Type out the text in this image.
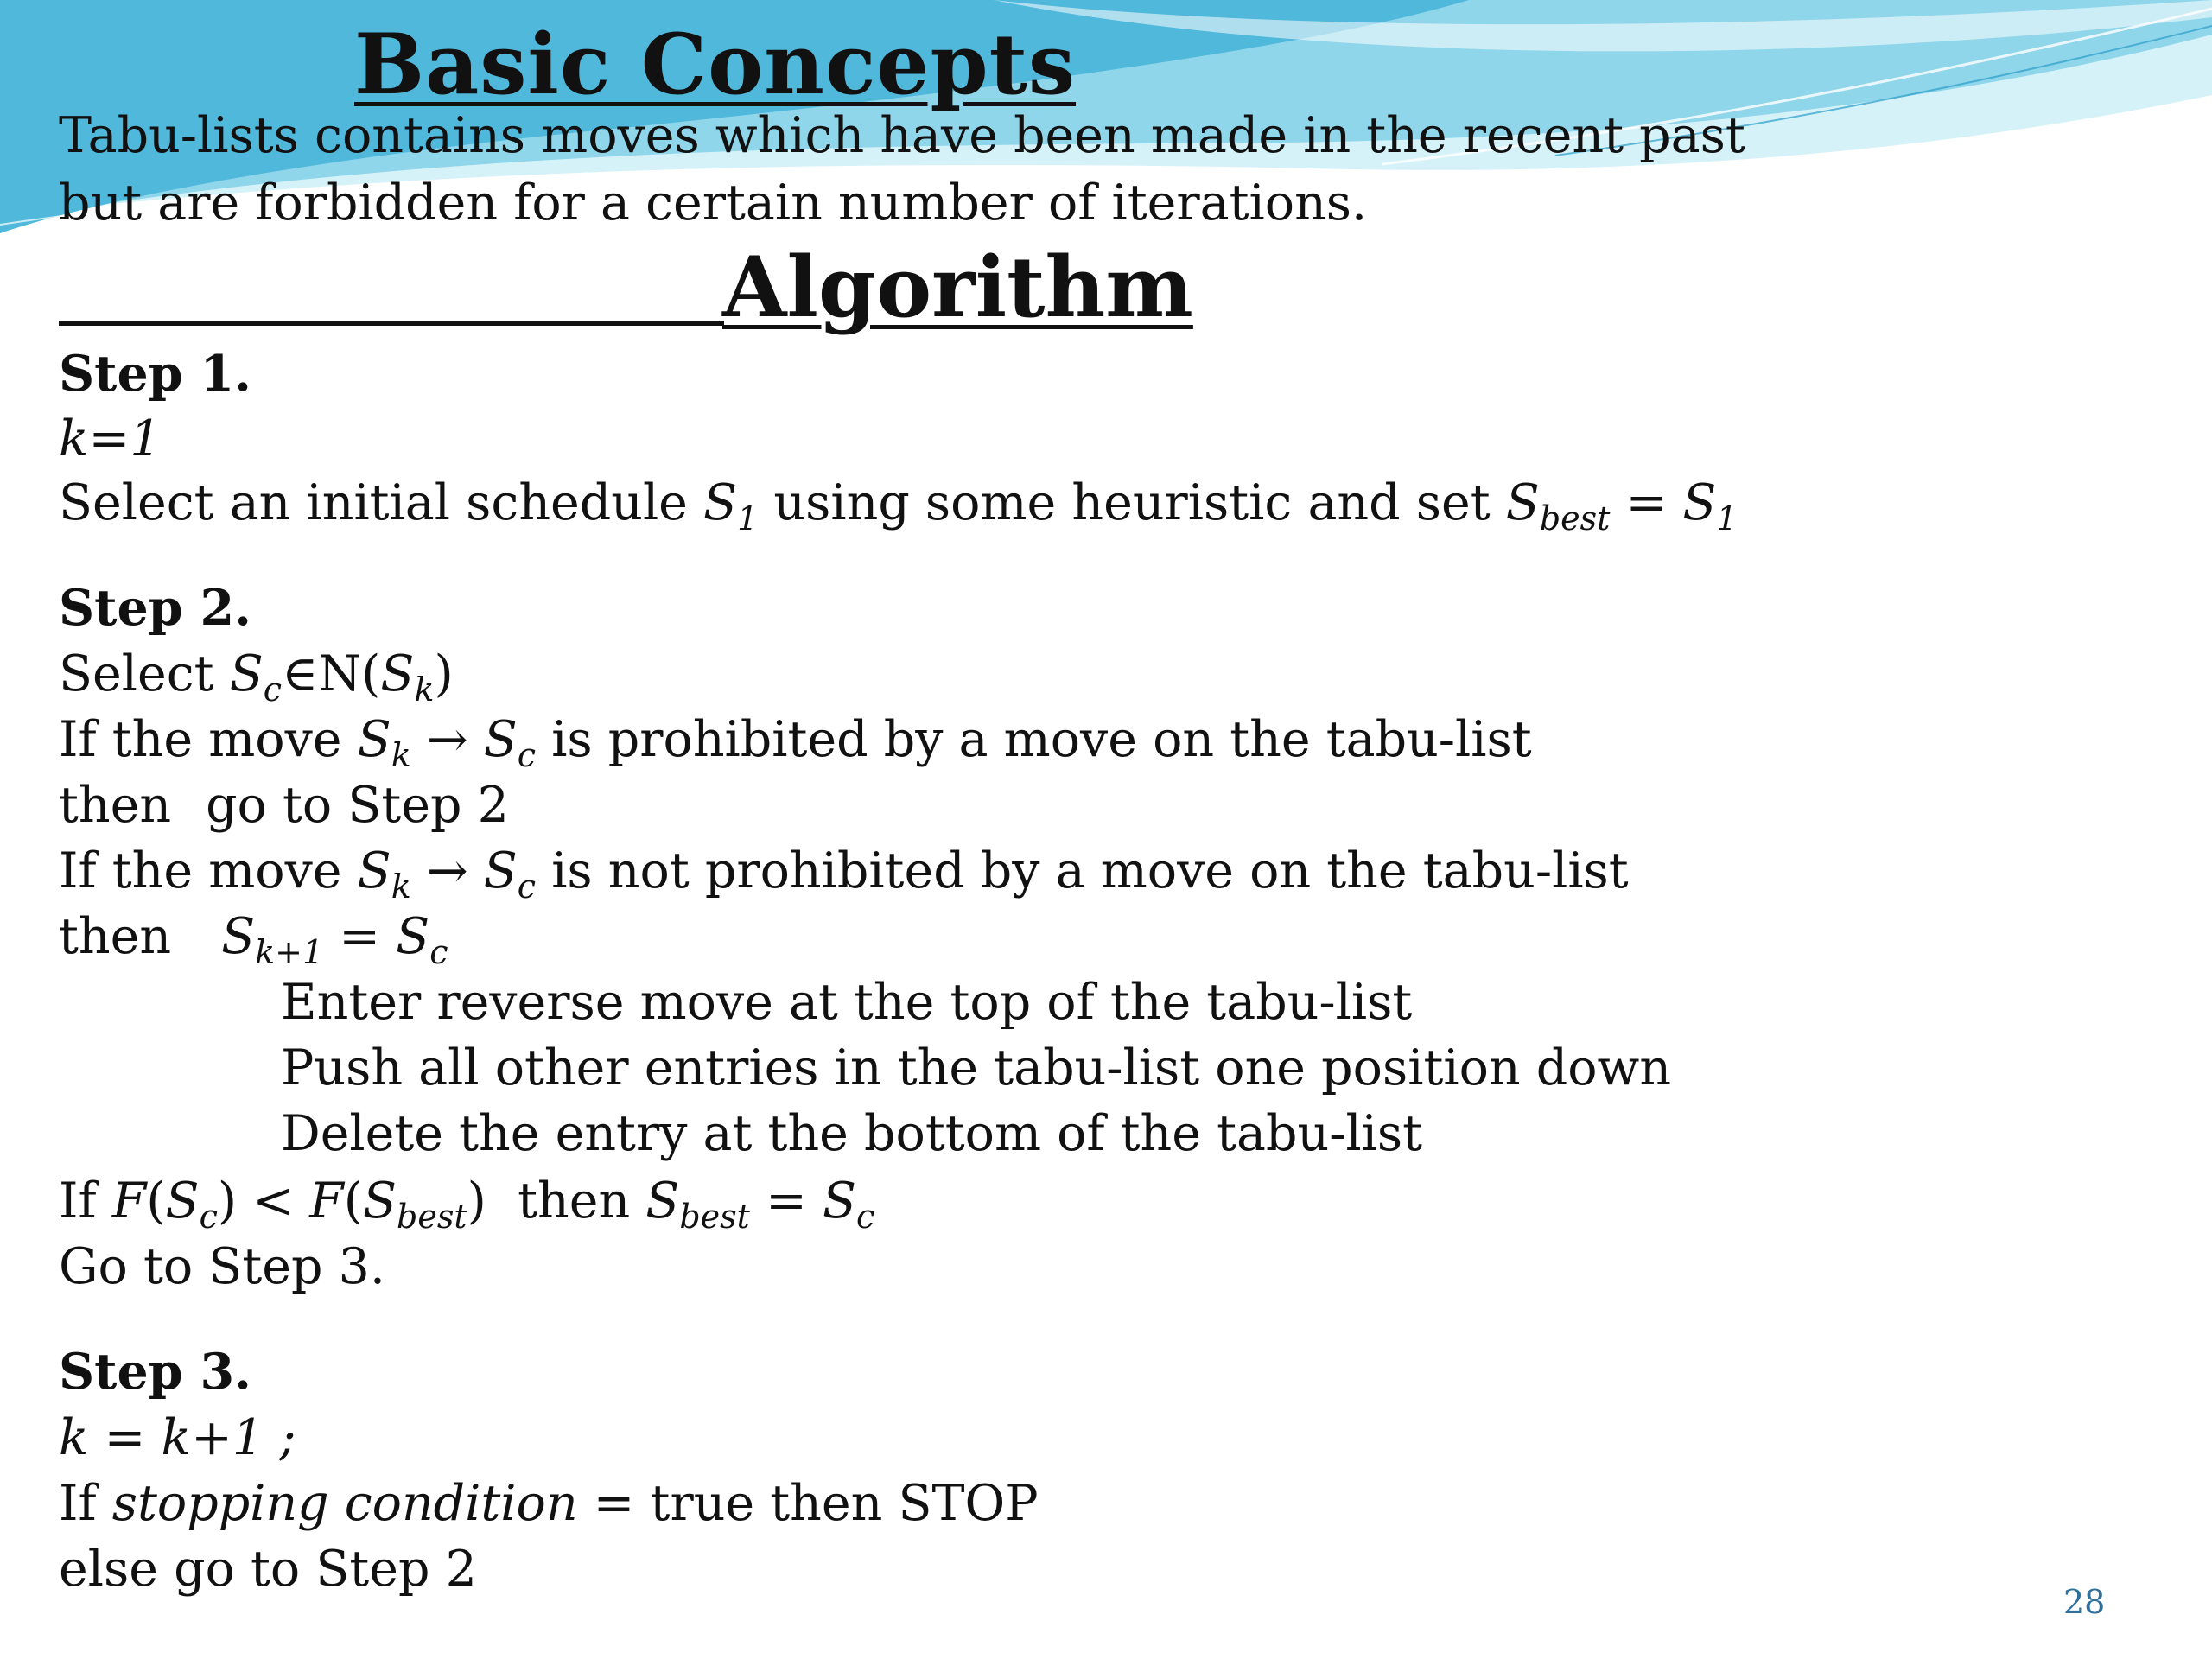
Basic Concepts
Tabu-lists contains moves which have been made in the recent past but are forbidden for a certain number of iterations.
Algorithm
Step 1.
k=1
Select an initial schedule $S_1$ using some heuristic and set $S_{best} = S_1$
Step 2.
Select $S_c\in N(S_k)$
If the move $S_k \to S_c$ is prohibited by a move on the tabu-list
then go to Step 2
If the move $S_k \to S_c$ is not prohibited by a move on the tabu-list
then $S_{k+1} = S_c$
Enter reverse move at the top of the tabu-list
Push all other entries in the tabu-list one position down
Delete the entry at the bottom of the tabu-list
If $F(S_c) < F(S_{best})$  then $S_{best} = S_c$
Go to Step 3.
Step 3.
k = k+1 ;
If stopping condition = true then STOP
else go to Step 2
28
